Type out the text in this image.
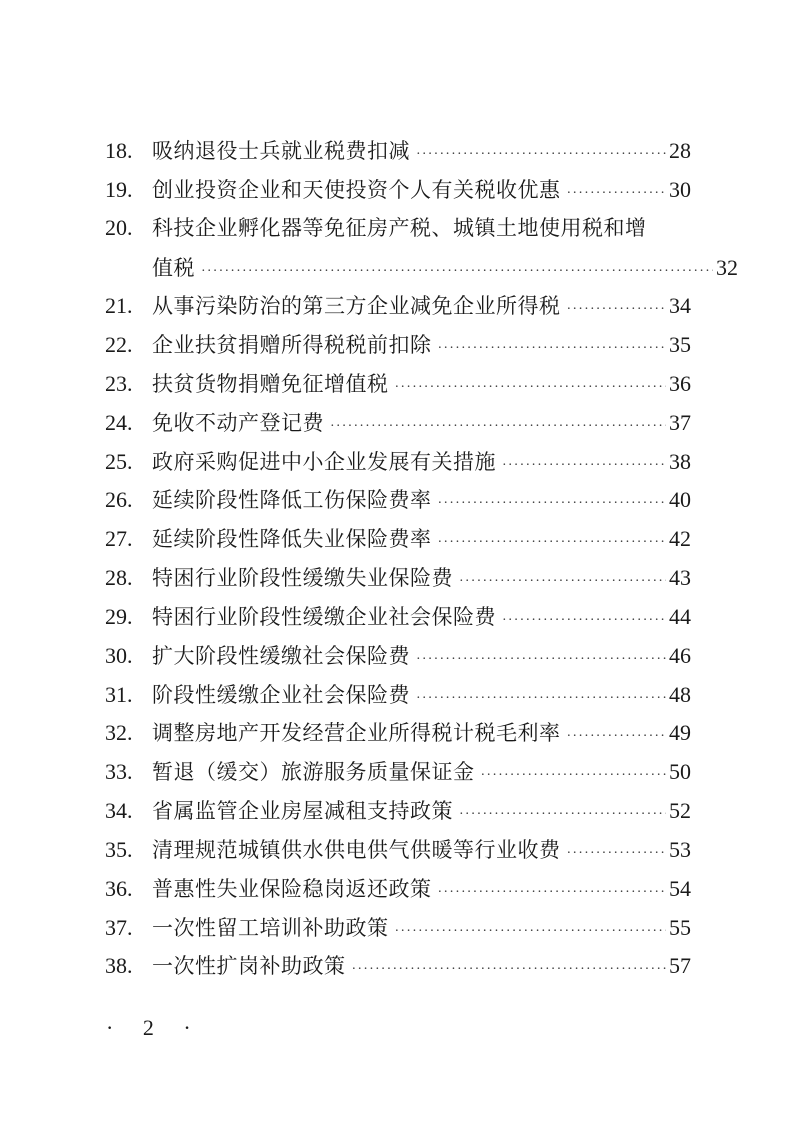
18. 吸纳退役士兵就业税费扣减 ·····	28
19. 创业投资企业和天使投资个人有关税收优惠 ·····	30
20. 科技企业孵化器等免征房产税、城镇土地使用税和增
值税 ·····	32
21. 从事污染防治的第三方企业减免企业所得税 ·····	34
22. 企业扶贫捐赠所得税税前扣除 ·····	35
23. 扶贫货物捐赠免征增值税 ·····	36
24. 免收不动产登记费 ·····	37
25. 政府采购促进中小企业发展有关措施 ·····	38
26. 延续阶段性降低工伤保险费率 ·····	40
27. 延续阶段性降低失业保险费率 ·····	42
28. 特困行业阶段性缓缴失业保险费 ·····	43
29. 特困行业阶段性缓缴企业社会保险费 ·····	44
30. 扩大阶段性缓缴社会保险费 ·····	46
31. 阶段性缓缴企业社会保险费 ·····	48
32. 调整房地产开发经营企业所得税计税毛利率 ·····	49
33. 暂退（缓交）旅游服务质量保证金 ·····	50
34. 省属监管企业房屋减租支持政策 ·····	52
35. 清理规范城镇供水供电供气供暖等行业收费 ·····	53
36. 普惠性失业保险稳岗返还政策 ·····	54
37. 一次性留工培训补助政策 ·····	55
38. 一次性扩岗补助政策 ·····	57
· 2 ·
